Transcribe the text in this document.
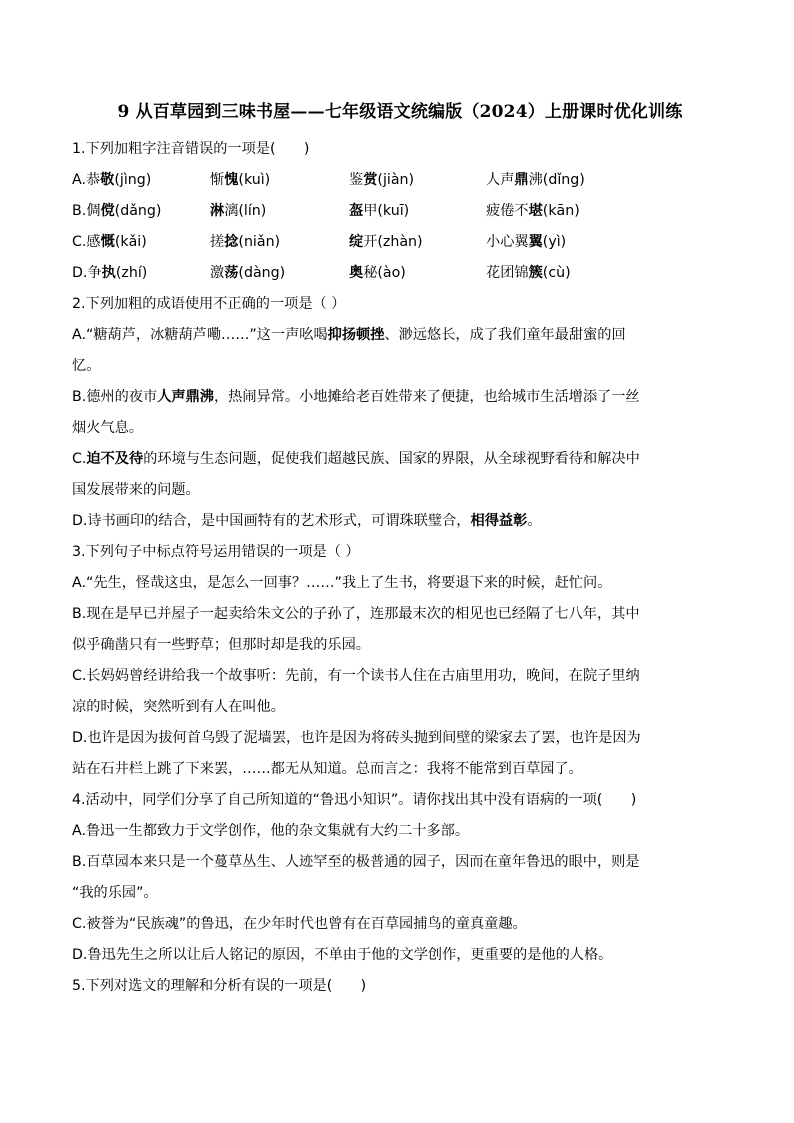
9 从百草园到三味书屋——七年级语文统编版（2024）上册课时优化训练
1.下列加粗字注音错误的一项是(　　)
A.恭敬(jìng)	惭愧(kuì)	鉴赏(jiàn)	人声鼎沸(dǐng)
B.倜傥(dǎng)	淋漓(lín)	盔甲(kuī)	疲倦不堪(kān)
C.感慨(kǎi)	搓捻(niǎn)	绽开(zhàn)	小心翼翼(yì)
D.争执(zhí)	激荡(dàng)	奥秘(ào)	花团锦簇(cù)
2.下列加粗的成语使用不正确的一项是（ ）
A.“糖葫芦，冰糖葫芦嘞……”这一声吆喝抑扬顿挫、渺远悠长，成了我们童年最甜蜜的回
忆。
B.德州的夜市人声鼎沸，热闹异常。小地摊给老百姓带来了便捷，也给城市生活增添了一丝
烟火气息。
C.迫不及待的环境与生态问题，促使我们超越民族、国家的界限，从全球视野看待和解决中
国发展带来的问题。
D.诗书画印的结合，是中国画特有的艺术形式，可谓珠联璧合，相得益彰。
3.下列句子中标点符号运用错误的一项是（ ）
A.“先生，怪哉这虫，是怎么一回事？……”我上了生书，将要退下来的时候，赶忙问。
B.现在是早已并屋子一起卖给朱文公的子孙了，连那最末次的相见也已经隔了七八年，其中
似乎确凿只有一些野草；但那时却是我的乐园。
C.长妈妈曾经讲给我一个故事听：先前，有一个读书人住在古庙里用功，晚间，在院子里纳
凉的时候，突然听到有人在叫他。
D.也许是因为拔何首乌毁了泥墙罢，也许是因为将砖头抛到间壁的梁家去了罢，也许是因为
站在石井栏上跳了下来罢，……都无从知道。总而言之：我将不能常到百草园了。
4.活动中，同学们分享了自己所知道的“鲁迅小知识”。请你找出其中没有语病的一项(　　)
A.鲁迅一生都致力于文学创作，他的杂文集就有大约二十多部。
B.百草园本来只是一个蔓草丛生、人迹罕至的极普通的园子，因而在童年鲁迅的眼中，则是
“我的乐园”。
C.被誉为“民族魂”的鲁迅，在少年时代也曾有在百草园捕鸟的童真童趣。
D.鲁迅先生之所以让后人铭记的原因，不单由于他的文学创作，更重要的是他的人格。
5.下列对选文的理解和分析有误的一项是(　　)
